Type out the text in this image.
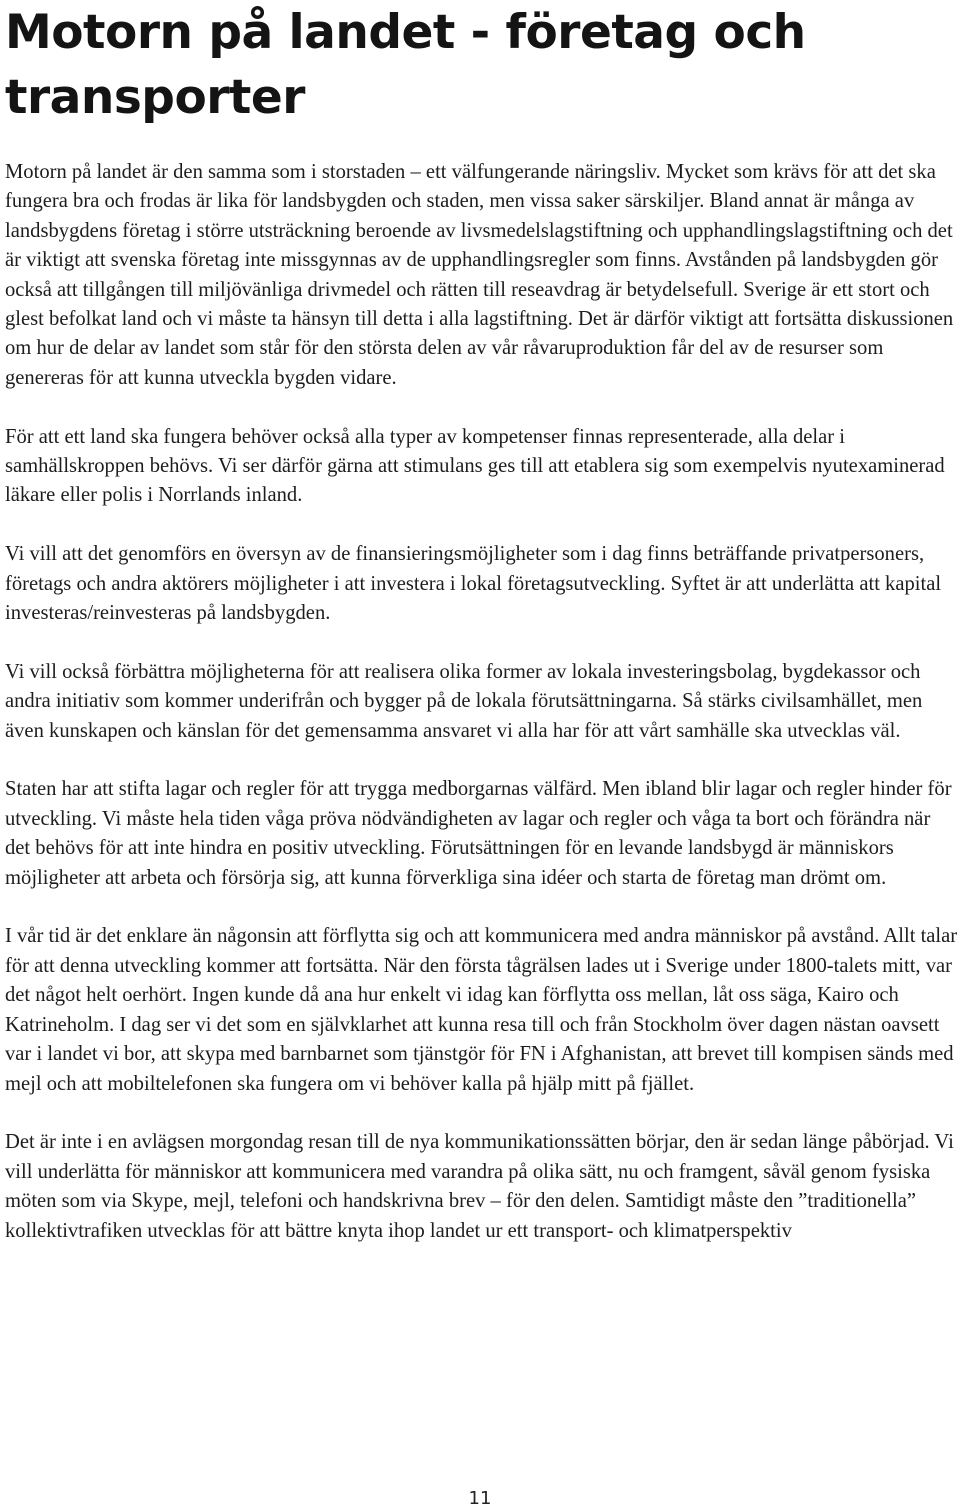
Motorn på landet - företag och transporter

Motorn på landet är den samma som i storstaden – ett välfungerande näringsliv. Mycket som krävs för att det ska fungera bra och frodas är lika för landsbygden och staden, men vissa saker särskiljer. Bland annat är många av landsbygdens företag i större utsträckning beroende av livsmedelslagstiftning och upphandlingslagstiftning och det är viktigt att svenska företag inte missgynnas av de upphandlingsregler som finns. Avstånden på landsbygden gör också att tillgången till miljövänliga drivmedel och rätten till reseavdrag är betydelsefull. Sverige är ett stort och glest befolkat land och vi måste ta hänsyn till detta i alla lagstiftning. Det är därför viktigt att fortsätta diskussionen om hur de delar av landet som står för den största delen av vår råvaruproduktion får del av de resurser som genereras för att kunna utveckla bygden vidare.

För att ett land ska fungera behöver också alla typer av kompetenser finnas representerade, alla delar i samhällskroppen behövs. Vi ser därför gärna att stimulans ges till att etablera sig som exempelvis nyutexaminerad läkare eller polis i Norrlands inland.

Vi vill att det genomförs en översyn av de finansieringsmöjligheter som i dag finns beträffande privatpersoners, företags och andra aktörers möjligheter i att investera i lokal företagsutveckling. Syftet är att underlätta att kapital investeras/reinvesteras på landsbygden.

Vi vill också förbättra möjligheterna för att realisera olika former av lokala investeringsbolag, bygdekassor och andra initiativ som kommer underifrån och bygger på de lokala förutsättningarna. Så stärks civilsamhället, men även kunskapen och känslan för det gemensamma ansvaret vi alla har för att vårt samhälle ska utvecklas väl.

Staten har att stifta lagar och regler för att trygga medborgarnas välfärd. Men ibland blir lagar och regler hinder för utveckling. Vi måste hela tiden våga pröva nödvändigheten av lagar och regler och våga ta bort och förändra när det behövs för att inte hindra en positiv utveckling. Förutsättningen för en levande landsbygd är människors möjligheter att arbeta och försörja sig, att kunna förverkliga sina idéer och starta de företag man drömt om.

I vår tid är det enklare än någonsin att förflytta sig och att kommunicera med andra människor på avstånd. Allt talar för att denna utveckling kommer att fortsätta. När den första tågrälsen lades ut i Sverige under 1800-talets mitt, var det något helt oerhört. Ingen kunde då ana hur enkelt vi idag kan förflytta oss mellan, låt oss säga, Kairo och Katrineholm. I dag ser vi det som en självklarhet att kunna resa till och från Stockholm över dagen nästan oavsett var i landet vi bor, att skypa med barnbarnet som tjänstgör för FN i Afghanistan, att brevet till kompisen sänds med mejl och att mobiltelefonen ska fungera om vi behöver kalla på hjälp mitt på fjället.

Det är inte i en avlägsen morgondag resan till de nya kommunikationssätten börjar, den är sedan länge påbörjad. Vi vill underlätta för människor att kommunicera med varandra på olika sätt, nu och framgent, såväl genom fysiska möten som via Skype, mejl, telefoni och handskrivna brev – för den delen. Samtidigt måste den ”traditionella” kollektivtrafiken utvecklas för att bättre knyta ihop landet ur ett transport- och klimatperspektiv

11
